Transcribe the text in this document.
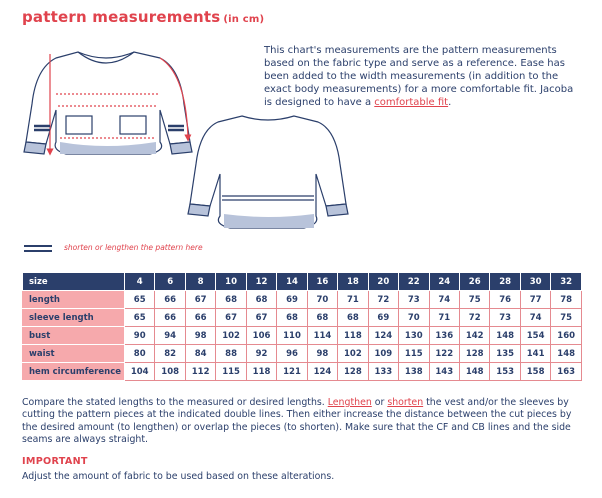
pattern measurements (in cm)
This chart's measurements are the pattern measurements based on the fabric type and serve as a reference. Ease has been added to the width measurements (in addition to the exact body measurements) for a more comfortable fit. Jacoba is designed to have a comfortable fit.
shorten or lengthen the pattern here
size	4	6	8	10	12	14	16	18	20	22	24	26	28	30	32
length	65	66	67	68	68	69	70	71	72	73	74	75	76	77	78
sleeve length	65	66	66	67	67	68	68	68	69	70	71	72	73	74	75
bust	90	94	98	102	106	110	114	118	124	130	136	142	148	154	160
waist	80	82	84	88	92	96	98	102	109	115	122	128	135	141	148
hem circumference	104	108	112	115	118	121	124	128	133	138	143	148	153	158	163
Compare the stated lengths to the measured or desired lengths. Lengthen or shorten the vest and/or the sleeves by cutting the pattern pieces at the indicated double lines. Then either increase the distance between the cut pieces by the desired amount (to lengthen) or overlap the pieces (to shorten). Make sure that the CF and CB lines and the side seams are always straight.
IMPORTANT
Adjust the amount of fabric to be used based on these alterations.
